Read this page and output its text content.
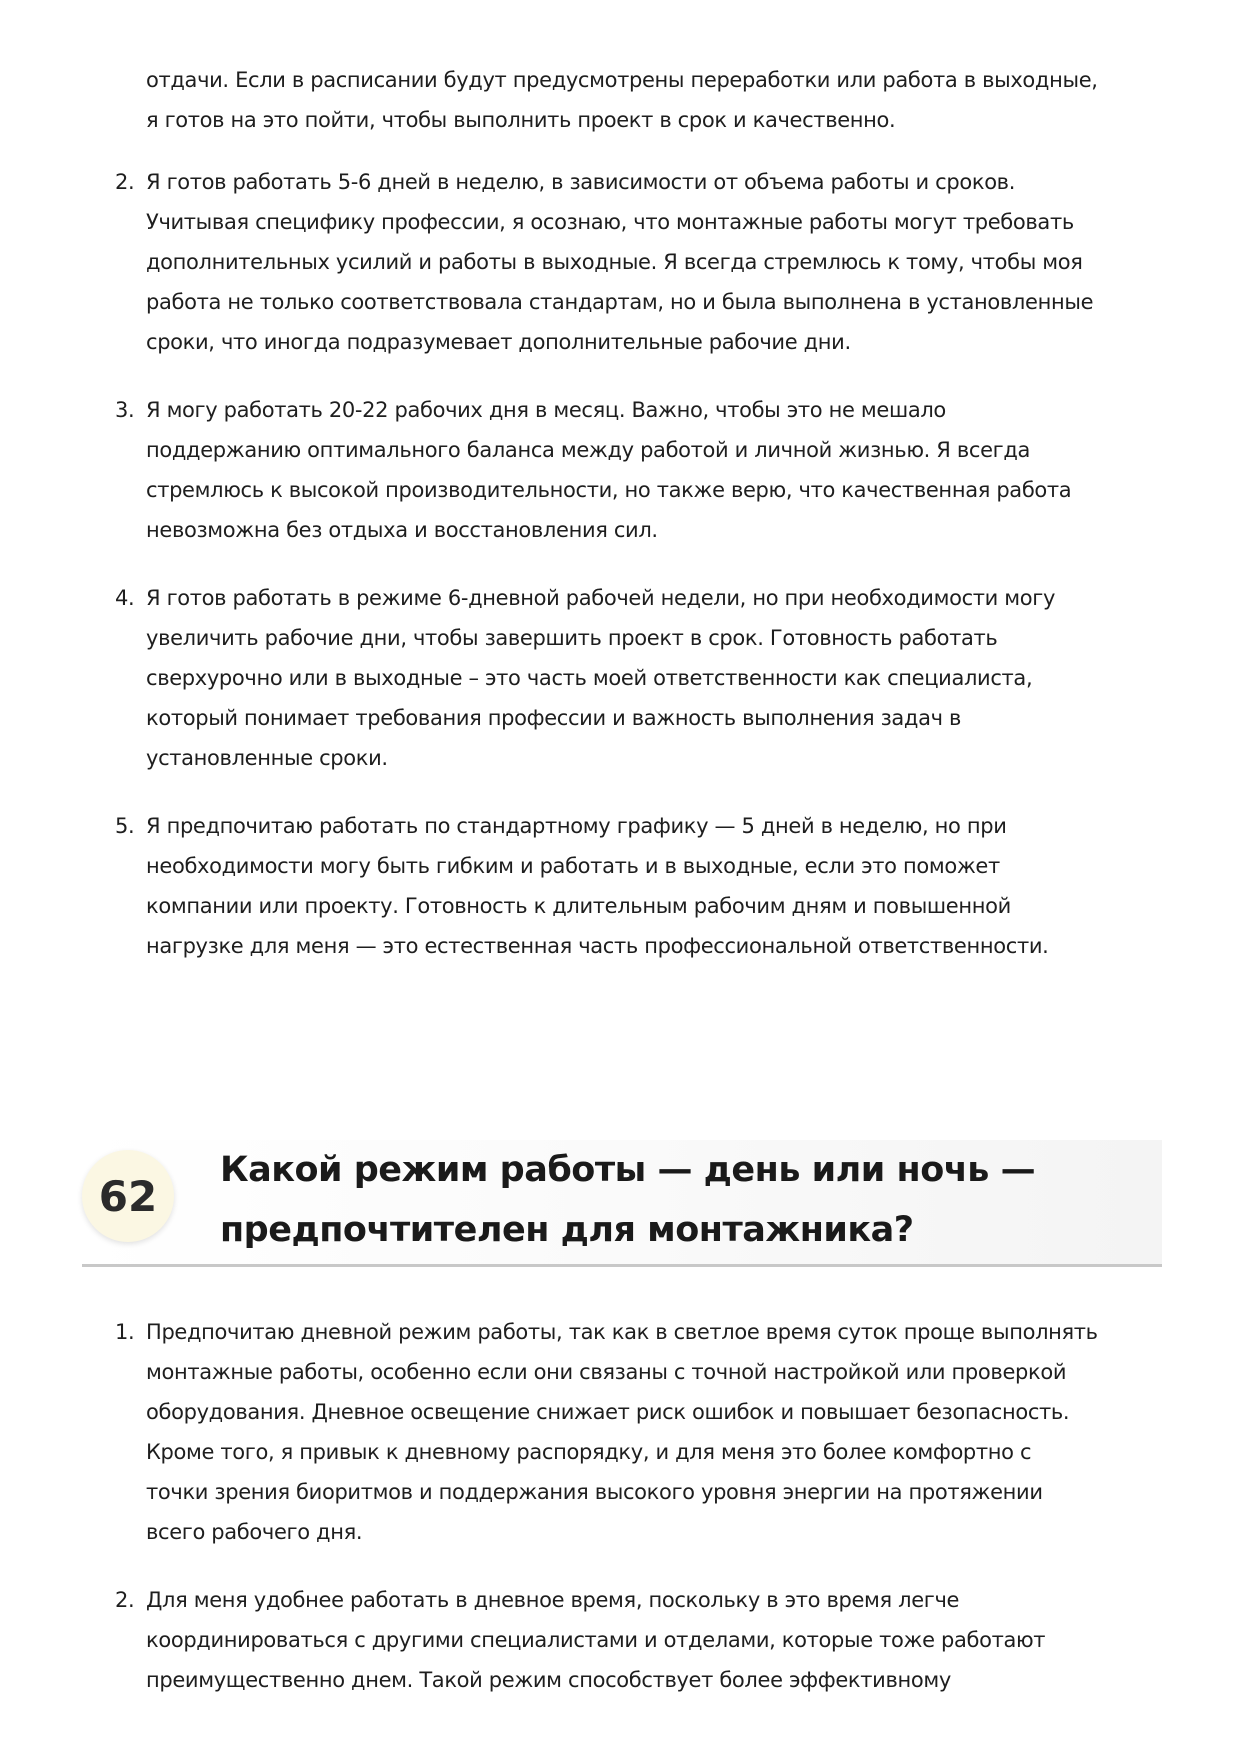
отдачи. Если в расписании будут предусмотрены переработки или работа в выходные,
я готов на это пойти, чтобы выполнить проект в срок и качественно.
2. Я готов работать 5-6 дней в неделю, в зависимости от объема работы и сроков.
Учитывая специфику профессии, я осознаю, что монтажные работы могут требовать
дополнительных усилий и работы в выходные. Я всегда стремлюсь к тому, чтобы моя
работа не только соответствовала стандартам, но и была выполнена в установленные
сроки, что иногда подразумевает дополнительные рабочие дни.
3. Я могу работать 20-22 рабочих дня в месяц. Важно, чтобы это не мешало
поддержанию оптимального баланса между работой и личной жизнью. Я всегда
стремлюсь к высокой производительности, но также верю, что качественная работа
невозможна без отдыха и восстановления сил.
4. Я готов работать в режиме 6-дневной рабочей недели, но при необходимости могу
увеличить рабочие дни, чтобы завершить проект в срок. Готовность работать
сверхурочно или в выходные – это часть моей ответственности как специалиста,
который понимает требования профессии и важность выполнения задач в
установленные сроки.
5. Я предпочитаю работать по стандартному графику — 5 дней в неделю, но при
необходимости могу быть гибким и работать и в выходные, если это поможет
компании или проекту. Готовность к длительным рабочим дням и повышенной
нагрузке для меня — это естественная часть профессиональной ответственности.
62
Какой режим работы — день или ночь —
предпочтителен для монтажника?
1. Предпочитаю дневной режим работы, так как в светлое время суток проще выполнять
монтажные работы, особенно если они связаны с точной настройкой или проверкой
оборудования. Дневное освещение снижает риск ошибок и повышает безопасность.
Кроме того, я привык к дневному распорядку, и для меня это более комфортно с
точки зрения биоритмов и поддержания высокого уровня энергии на протяжении
всего рабочего дня.
2. Для меня удобнее работать в дневное время, поскольку в это время легче
координироваться с другими специалистами и отделами, которые тоже работают
преимущественно днем. Такой режим способствует более эффективному
